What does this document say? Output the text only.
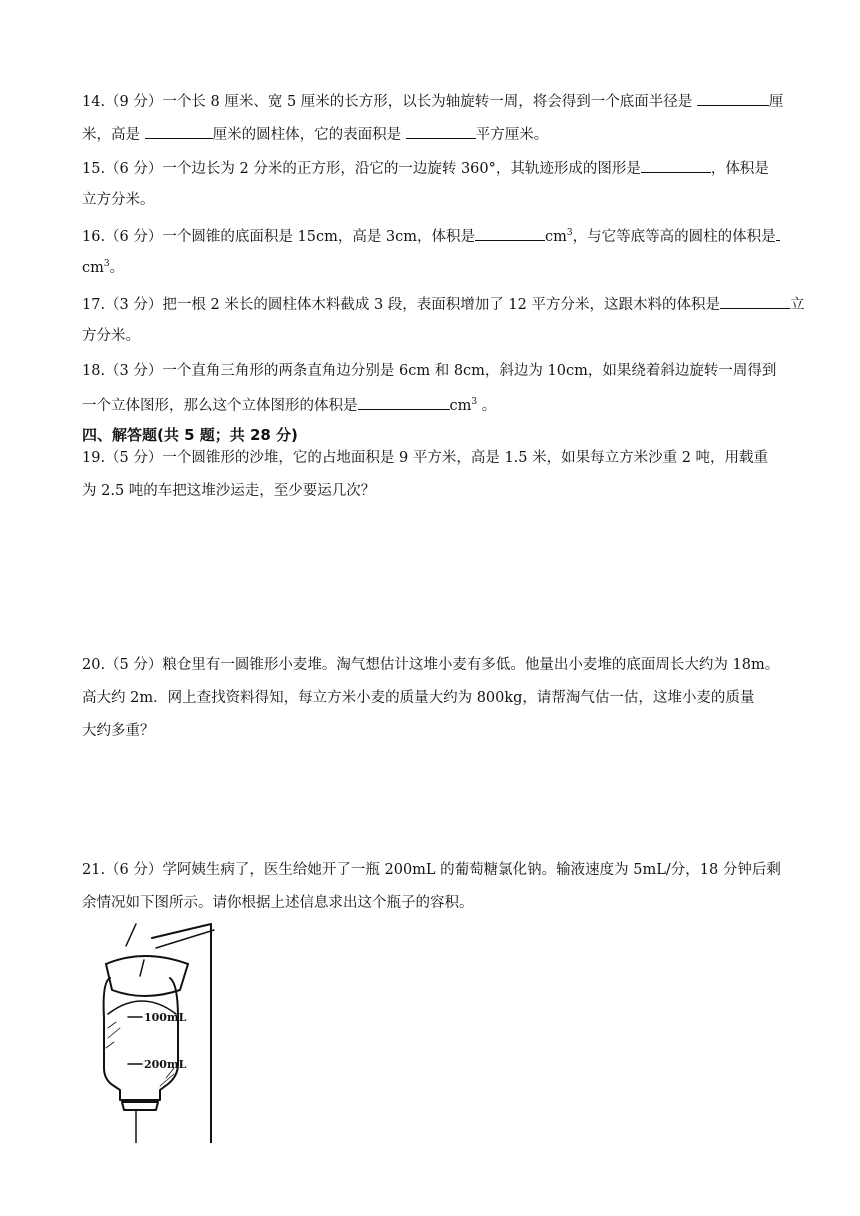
14.（9 分）一个长 8 厘米、宽 5 厘米的长方形，以长为轴旋转一周，将会得到一个底面半径是	厘
米，高是	厘米的圆柱体，它的表面积是	平方厘米。
15.（6 分）一个边长为 2 分米的正方形，沿它的一边旋转 360°，其轨迹形成的图形是	，体积是
立方分米。
16.（6 分）一个圆锥的底面积是 15cm，高是 3cm，体积是	$cm^3$，与它等底等高的圆柱的体积是
$cm^3$。
17.（3 分）把一根 2 米长的圆柱体木料截成 3 段，表面积增加了 12 平方分米，这跟木料的体积是	立
方分米。
18.（3 分）一个直角三角形的两条直角边分别是 6cm 和 8cm，斜边为 10cm，如果绕着斜边旋转一周得到
一个立体图形，那么这个立体图形的体积是	$cm^3$ 。
四、解答题(共 5 题；共 28 分)
19.（5 分）一个圆锥形的沙堆，它的占地面积是 9 平方米，高是 1.5 米，如果每立方米沙重 2 吨，用载重
为 2.5 吨的车把这堆沙运走，至少要运几次？
20.（5 分）粮仓里有一圆锥形小麦堆。淘气想估计这堆小麦有多低。他量出小麦堆的底面周长大约为 18m。
高大约 2m．网上查找资料得知，每立方米小麦的质量大约为 800kg，请帮淘气估一估，这堆小麦的质量
大约多重？
21.（6 分）学阿姨生病了，医生给她开了一瓶 200mL 的葡萄糖氯化钠。输液速度为 5mL/分，18 分钟后剩
余情况如下图所示。请你根据上述信息求出这个瓶子的容积。
100mL
200mL
